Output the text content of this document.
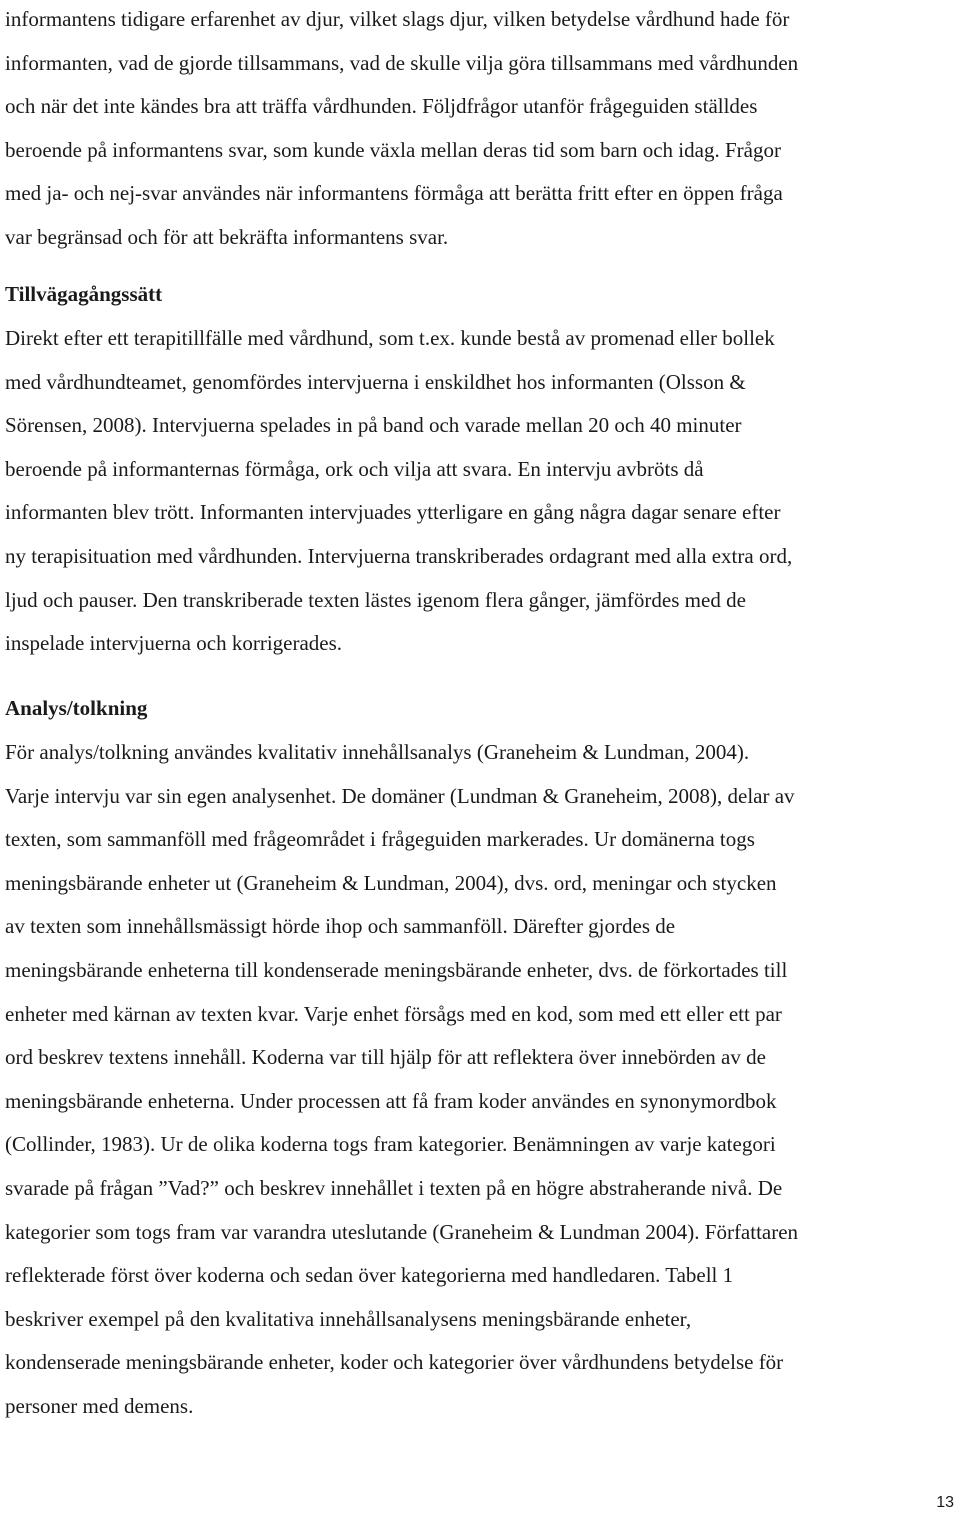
informantens tidigare erfarenhet av djur, vilket slags djur, vilken betydelse vårdhund hade för
informanten, vad de gjorde tillsammans, vad de skulle vilja göra tillsammans med vårdhunden
och när det inte kändes bra att träffa vårdhunden. Följdfrågor utanför frågeguiden ställdes
beroende på informantens svar, som kunde växla mellan deras tid som barn och idag. Frågor
med ja- och nej-svar användes när informantens förmåga att berätta fritt efter en öppen fråga
var begränsad och för att bekräfta informantens svar.

Tillvägagångssätt

Direkt efter ett terapitillfälle med vårdhund, som t.ex. kunde bestå av promenad eller bollek
med vårdhundteamet, genomfördes intervjuerna i enskildhet hos informanten (Olsson &
Sörensen, 2008). Intervjuerna spelades in på band och varade mellan 20 och 40 minuter
beroende på informanternas förmåga, ork och vilja att svara. En intervju avbröts då
informanten blev trött. Informanten intervjuades ytterligare en gång några dagar senare efter
ny terapisituation med vårdhunden. Intervjuerna transkriberades ordagrant med alla extra ord,
ljud och pauser. Den transkriberade texten lästes igenom flera gånger, jämfördes med de
inspelade intervjuerna och korrigerades.

Analys/tolkning

För analys/tolkning användes kvalitativ innehållsanalys (Graneheim & Lundman, 2004).
Varje intervju var sin egen analysenhet. De domäner (Lundman & Graneheim, 2008), delar av
texten, som sammanföll med frågeområdet i frågeguiden markerades. Ur domänerna togs
meningsbärande enheter ut (Graneheim & Lundman, 2004), dvs. ord, meningar och stycken
av texten som innehållsmässigt hörde ihop och sammanföll. Därefter gjordes de
meningsbärande enheterna till kondenserade meningsbärande enheter, dvs. de förkortades till
enheter med kärnan av texten kvar. Varje enhet försågs med en kod, som med ett eller ett par
ord beskrev textens innehåll. Koderna var till hjälp för att reflektera över innebörden av de
meningsbärande enheterna. Under processen att få fram koder användes en synonymordbok
(Collinder, 1983). Ur de olika koderna togs fram kategorier. Benämningen av varje kategori
svarade på frågan ”Vad?” och beskrev innehållet i texten på en högre abstraherande nivå. De
kategorier som togs fram var varandra uteslutande (Graneheim & Lundman 2004). Författaren
reflekterade först över koderna och sedan över kategorierna med handledaren. Tabell 1
beskriver exempel på den kvalitativa innehållsanalysens meningsbärande enheter,
kondenserade meningsbärande enheter, koder och kategorier över vårdhundens betydelse för
personer med demens.

13
